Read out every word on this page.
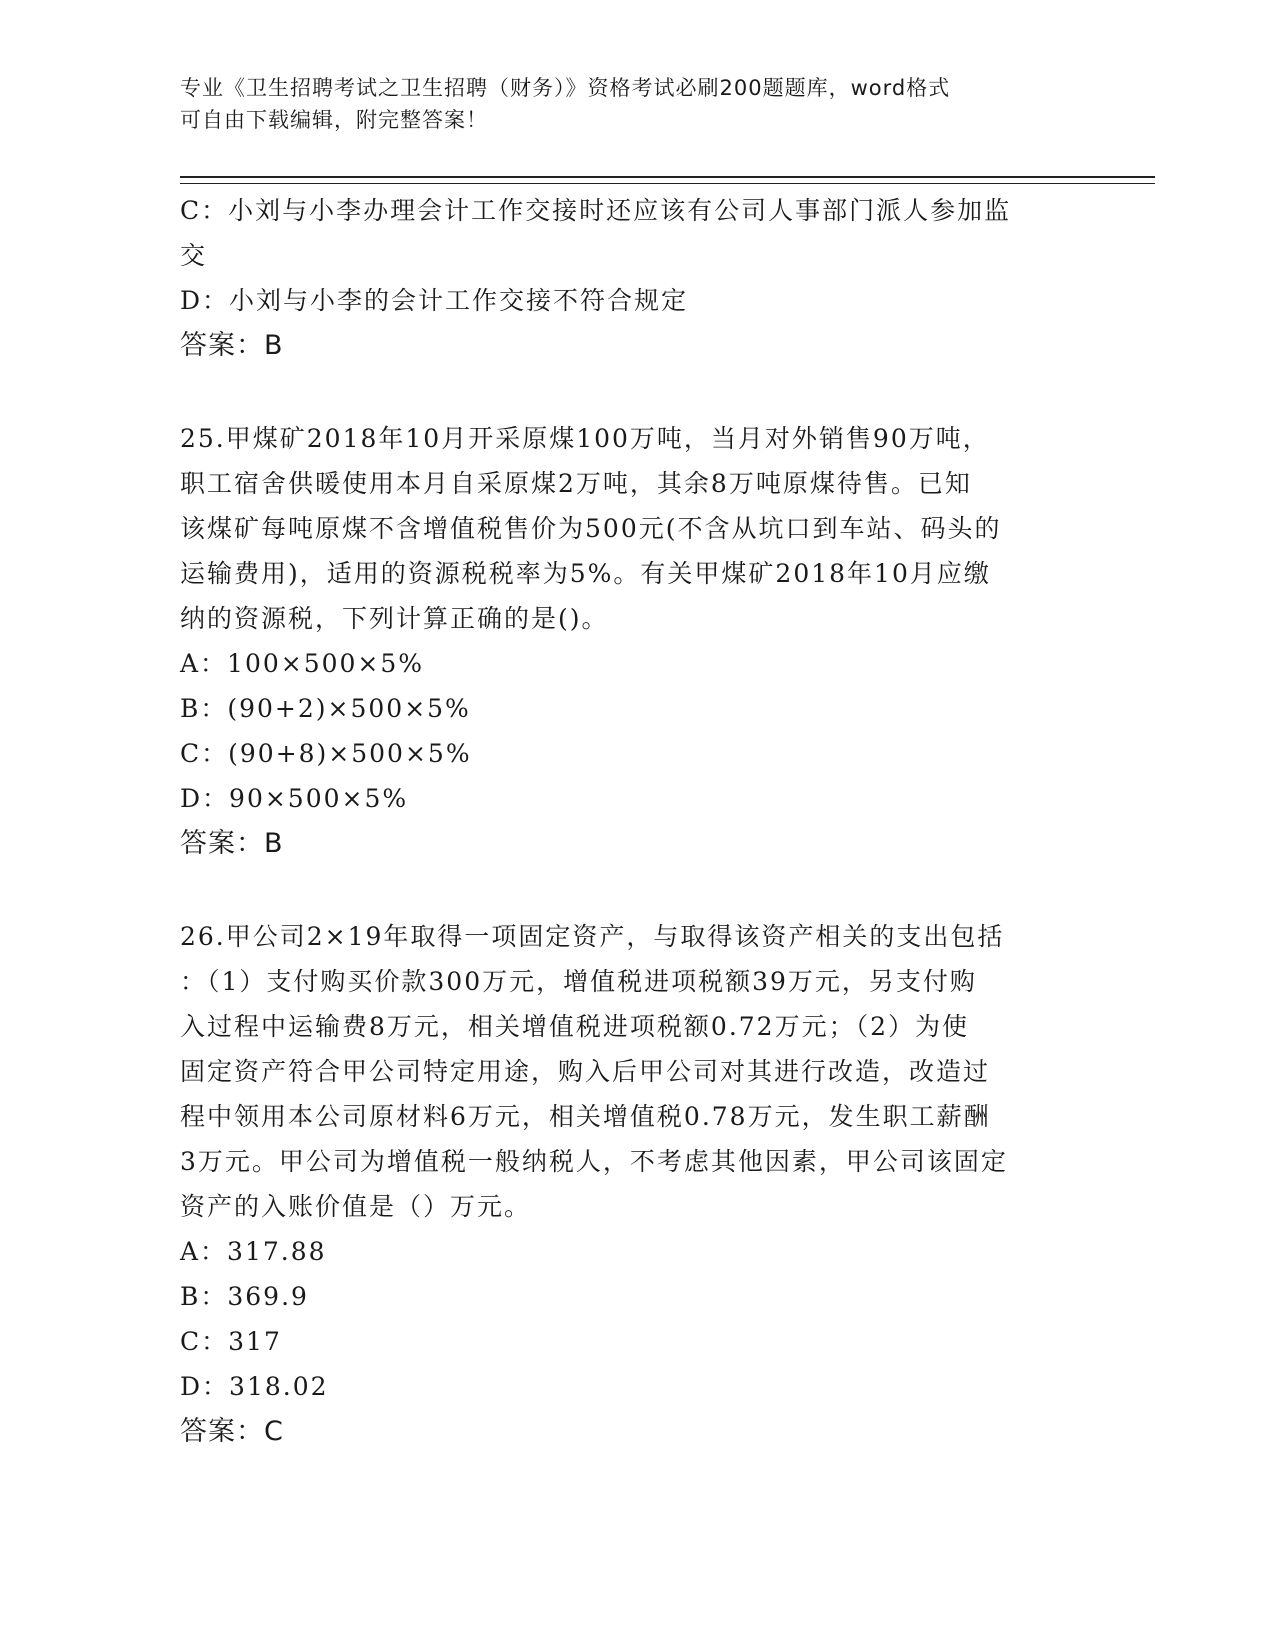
专业《卫生招聘考试之卫生招聘（财务）》资格考试必刷200题题库，word格式
可自由下载编辑，附完整答案！

C：小刘与小李办理会计工作交接时还应该有公司人事部门派人参加监

交

D：小刘与小李的会计工作交接不符合规定

答案：B

25.甲煤矿2018年10月开采原煤100万吨，当月对外销售90万吨，

职工宿舍供暖使用本月自采原煤2万吨，其余8万吨原煤待售。已知

该煤矿每吨原煤不含增值税售价为500元(不含从坑口到车站、码头的

运输费用)，适用的资源税税率为5%。有关甲煤矿2018年10月应缴

纳的资源税，下列计算正确的是()。

A：100×500×5%

B：(90+2)×500×5%

C：(90+8)×500×5%

D：90×500×5%

答案：B

26.甲公司2×19年取得一项固定资产，与取得该资产相关的支出包括

：（1）支付购买价款300万元，增值税进项税额39万元，另支付购

入过程中运输费8万元，相关增值税进项税额0.72万元；（2）为使

固定资产符合甲公司特定用途，购入后甲公司对其进行改造，改造过

程中领用本公司原材料6万元，相关增值税0.78万元，发生职工薪酬

3万元。甲公司为增值税一般纳税人，不考虑其他因素，甲公司该固定

资产的入账价值是（）万元。

A：317.88

B：369.9

C：317

D：318.02

答案：C
